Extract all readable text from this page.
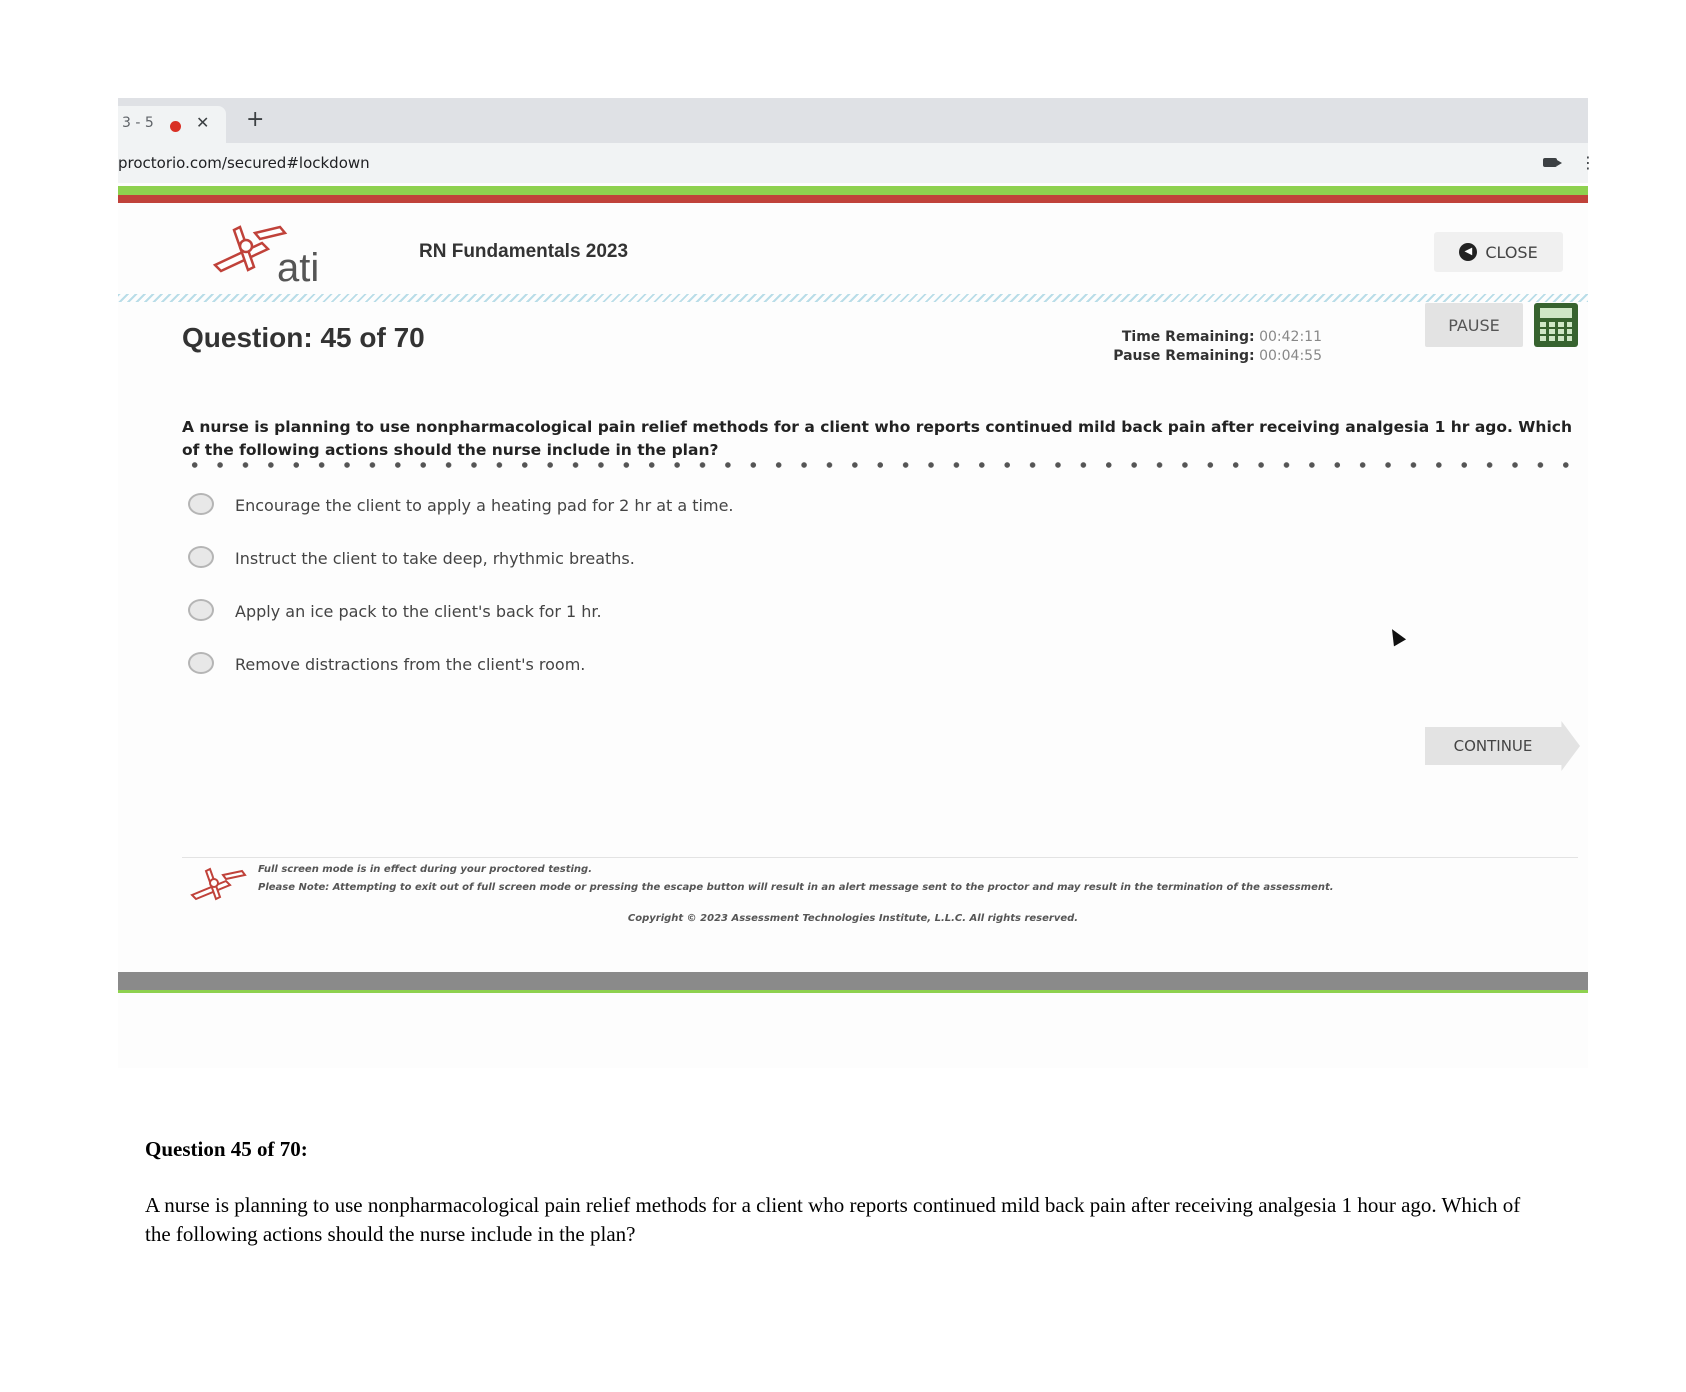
3 - 5	✕ +
proctorio.com/secured#lockdown	⋮
ati	RN Fundamentals 2023	◀ CLOSE
Question: 45 of 70	Time Remaining: 00:42:11
Pause Remaining: 00:04:55
PAUSE
A nurse is planning to use nonpharmacological pain relief methods for a client who reports continued mild back pain after receiving analgesia 1 hr ago. Which of the following actions should the nurse include in the plan?
Encourage the client to apply a heating pad for 2 hr at a time.
Instruct the client to take deep, rhythmic breaths.
Apply an ice pack to the client's back for 1 hr.
Remove distractions from the client's room.
CONTINUE
Full screen mode is in effect during your proctored testing.
Please Note: Attempting to exit out of full screen mode or pressing the escape button will result in an alert message sent to the proctor and may result in the termination of the assessment.
Copyright © 2023 Assessment Technologies Institute, L.L.C. All rights reserved.
Question 45 of 70:
A nurse is planning to use nonpharmacological pain relief methods for a client who reports continued mild back pain after receiving analgesia 1 hour ago. Which of the following actions should the nurse include in the plan?
